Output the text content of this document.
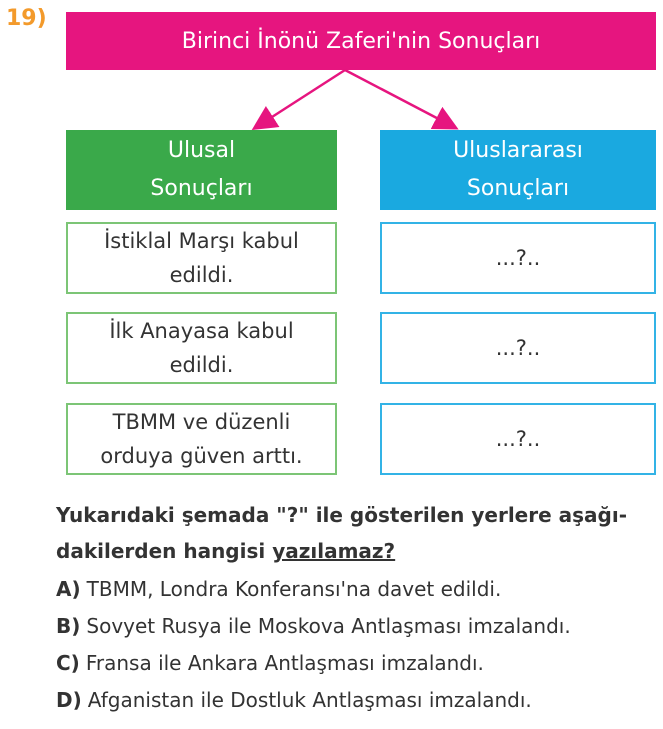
19)
Birinci İnönü Zaferi'nin Sonuçları
Ulusal
Sonuçları
Uluslararası
Sonuçları
İstiklal Marşı kabul
edildi.
...?..
İlk Anayasa kabul
edildi.
...?..
TBMM ve düzenli
orduya güven arttı.
...?..
Yukarıdaki şemada "?" ile gösterilen yerlere aşağı-
dakilerden hangisi yazılamaz?
A) TBMM, Londra Konferansı'na davet edildi.
B) Sovyet Rusya ile Moskova Antlaşması imzalandı.
C) Fransa ile Ankara Antlaşması imzalandı.
D) Afganistan ile Dostluk Antlaşması imzalandı.
